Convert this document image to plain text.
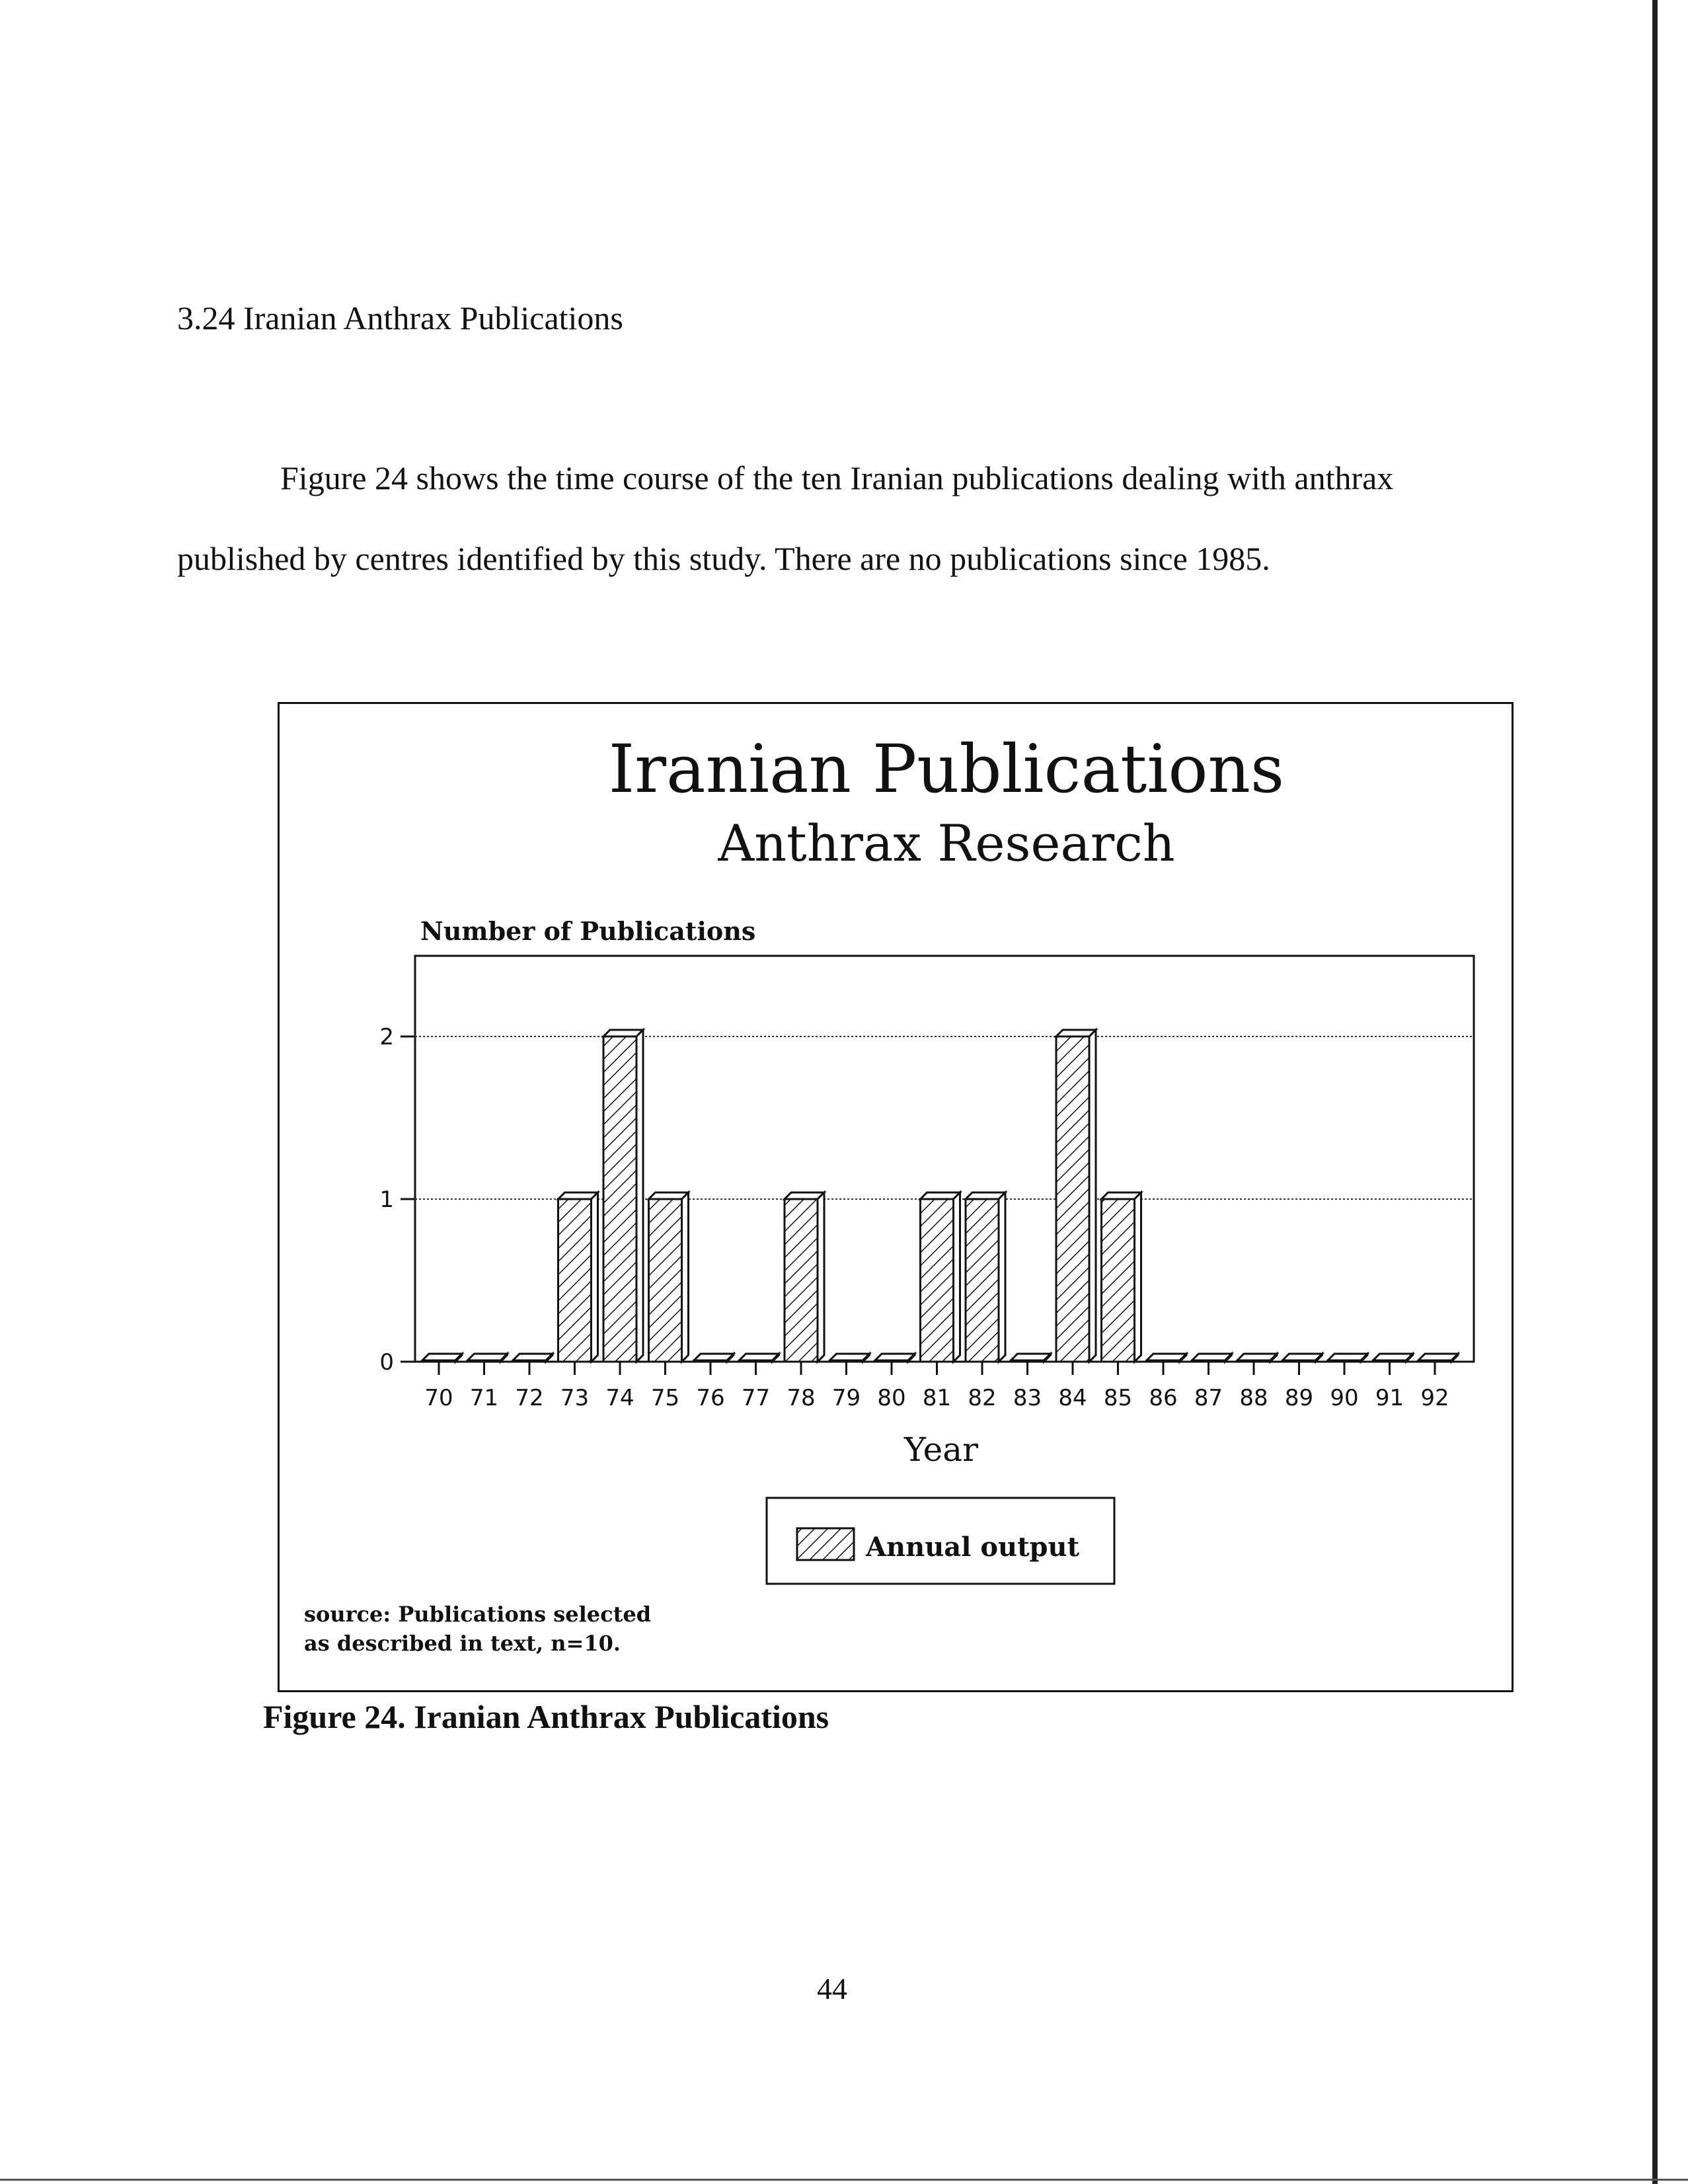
3.24 Iranian Anthrax Publications

Figure 24 shows the time course of the ten Iranian publications dealing with anthrax

published by centres identified by this study. There are no publications since 1985.

Iranian Publications
Anthrax Research
Number of Publications
0
1
2
70 71 72 73 74 75 76 77 78 79 80 81 82 83 84 85 86 87 88 89 90 91 92
Year
Annual output

source: Publications selected
as described in text, n=10.

Figure 24. Iranian Anthrax Publications

44
